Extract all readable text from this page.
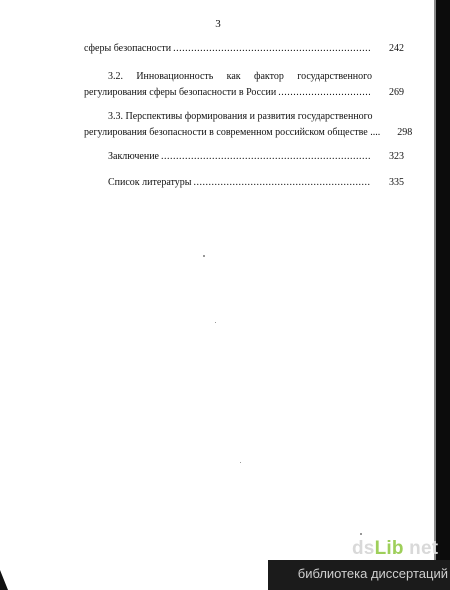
3
сферы безопасности .....	242
3.2. Инновационность как фактор государственного
регулирования сферы безопасности в России .....	269
3.3. Перспективы формирования и развития государственного
регулирования безопасности в современном российском обществе ....	298
Заключение .....	323
Список литературы .....	335
dsLib.net
библиотека диссертаций
